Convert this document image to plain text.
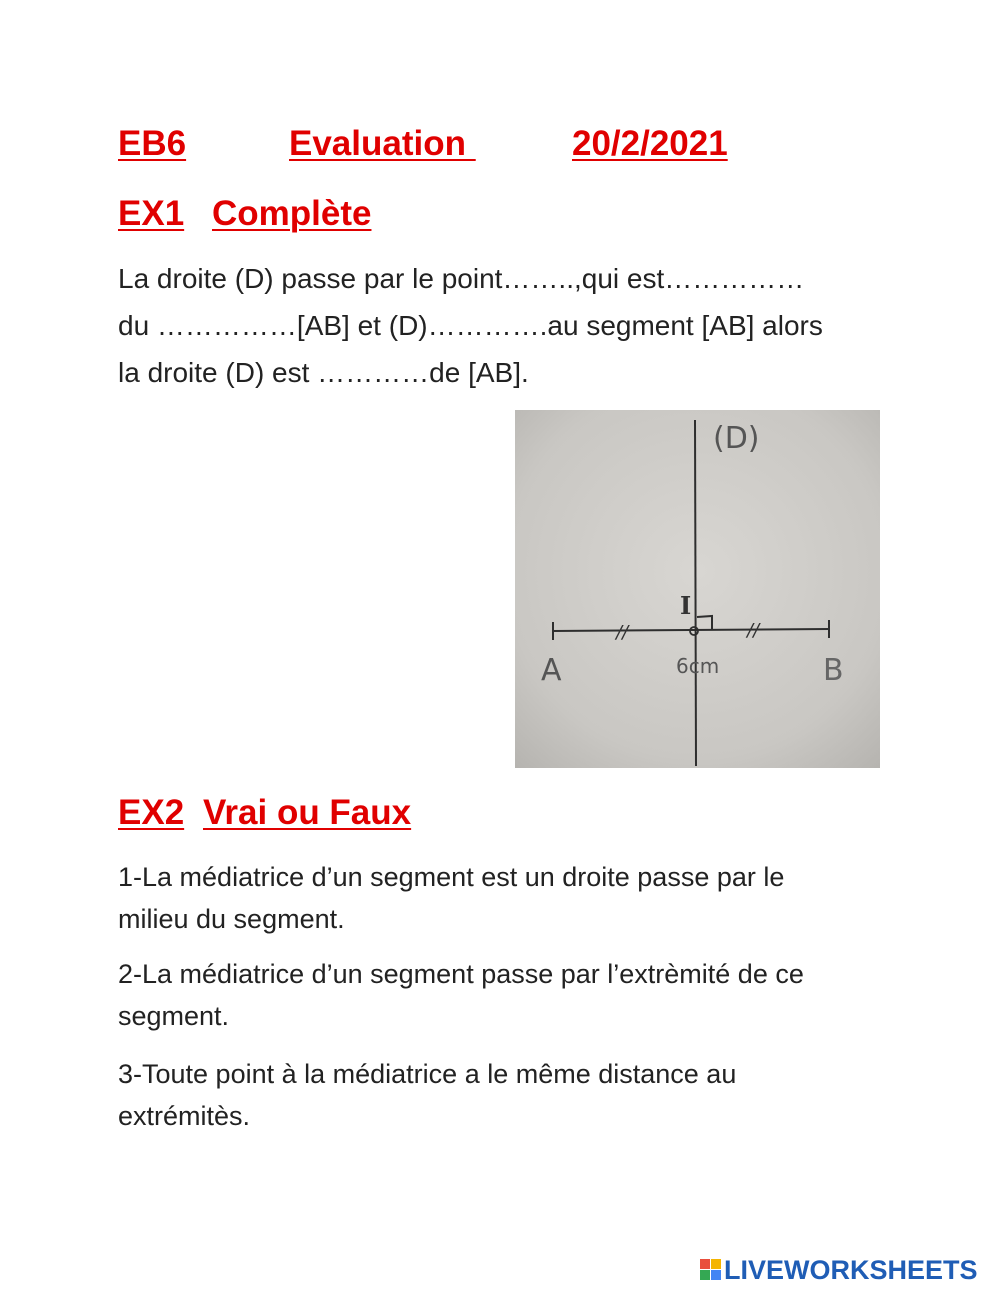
EB6	Evaluation	20/2/2021
EX1 Complète
La droite (D) passe par le point……..,qui est……………
du ……………[AB] et (D)………….au segment [AB] alors
la droite (D) est …………de [AB].
//	//
(D)
A	B
I
6cm
EX2 Vrai ou Faux
1-La médiatrice d’un segment est un droite passe par le
milieu du segment.
2-La médiatrice d’un segment passe par l’extrèmité de ce
segment.
3-Toute point à la médiatrice a le même distance au
extrémitès.
LIVEWORKSHEETS
